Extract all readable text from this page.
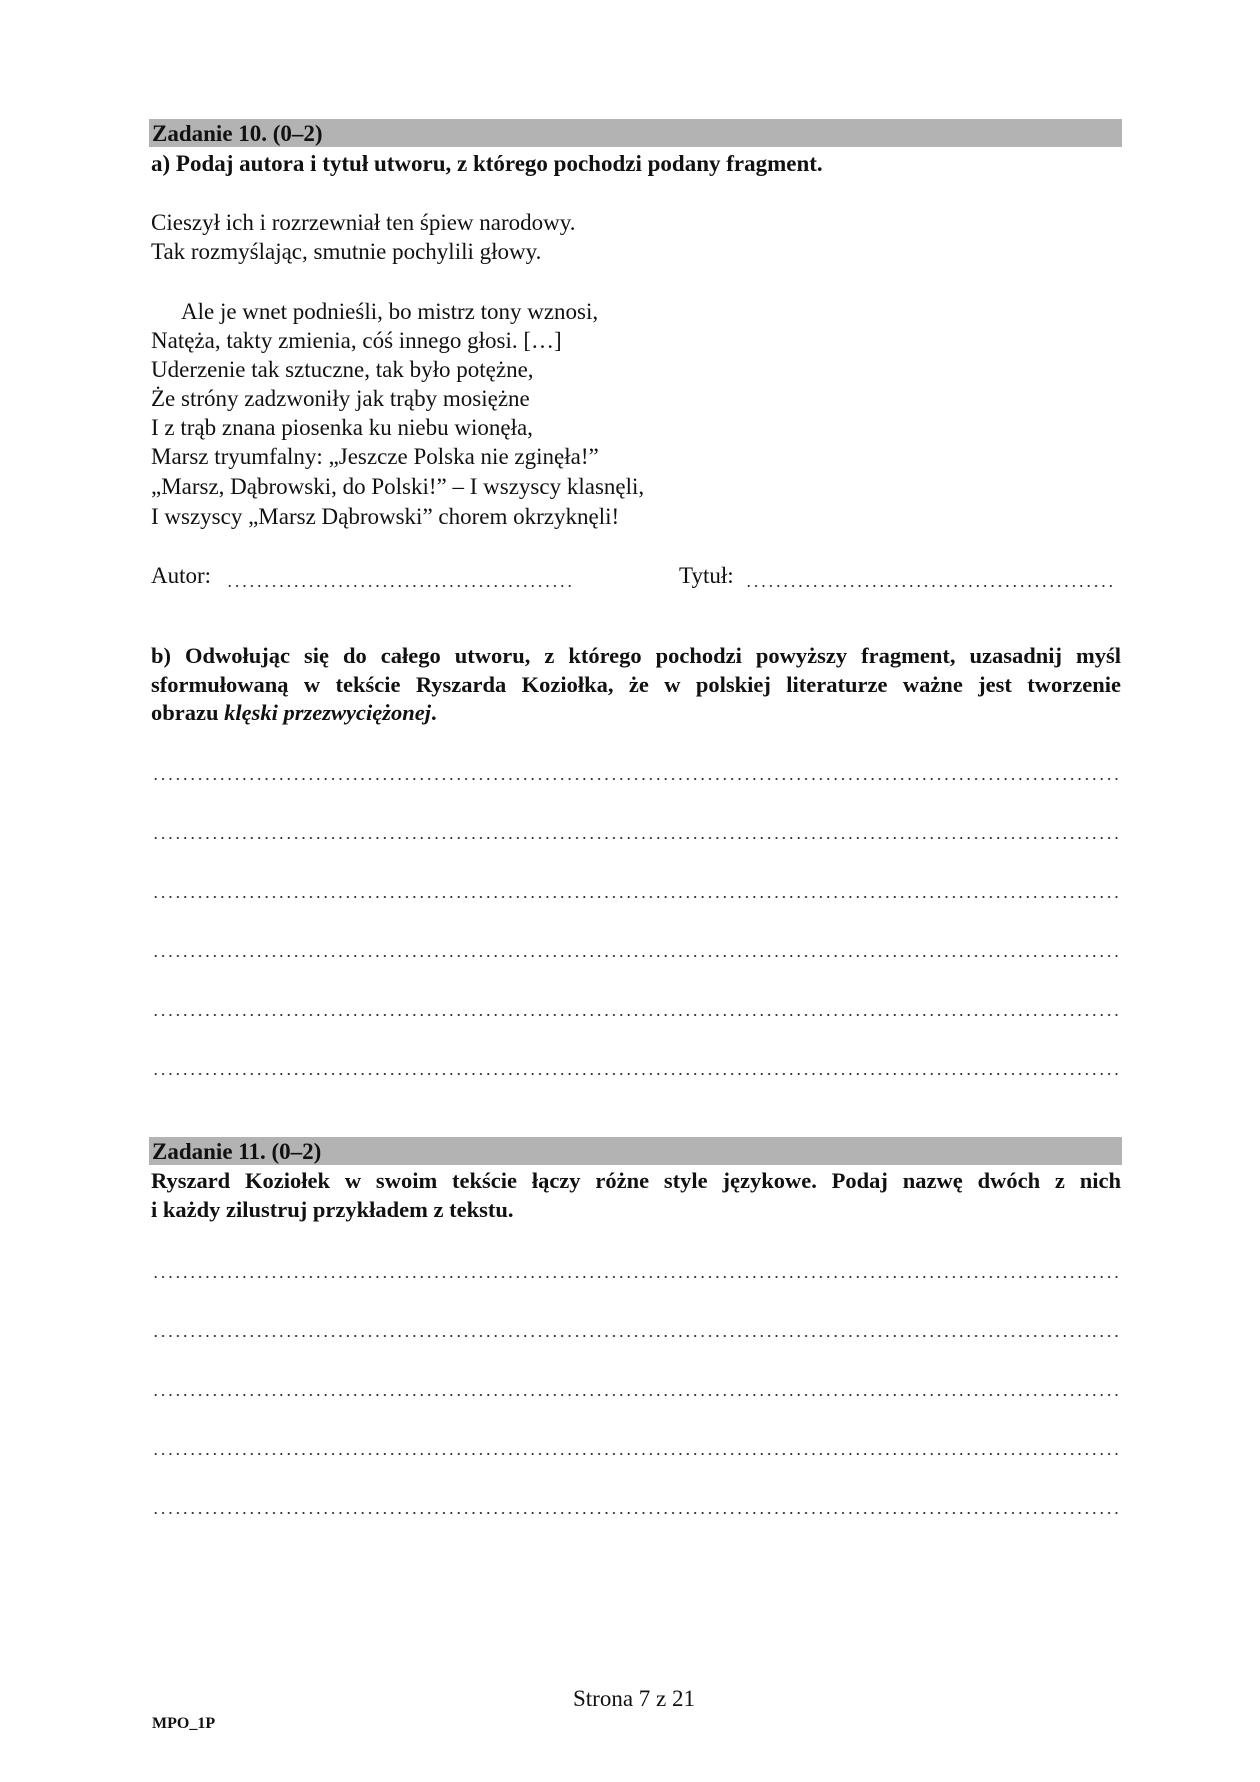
Zadanie 10. (0–2)
a) Podaj autora i tytuł utworu, z którego pochodzi podany fragment.
Cieszył ich i rozrzewniał ten śpiew narodowy.
Tak rozmyślając, smutnie pochylili głowy.
Ale je wnet podnieśli, bo mistrz tony wznosi,
Natęża, takty zmienia, cóś innego głosi. […]
Uderzenie tak sztuczne, tak było potężne,
Że stróny zadzwoniły jak trąby mosiężne
I z trąb znana piosenka ku niebu wionęła,
Marsz tryumfalny: „Jeszcze Polska nie zginęła!”
„Marsz, Dąbrowski, do Polski!” – I wszyscy klasnęli,
I wszyscy „Marsz Dąbrowski” chorem okrzyknęli!
Autor:	Tytuł:
b) Odwołując się do całego utworu, z którego pochodzi powyższy fragment, uzasadnij myśl
sformułowaną w tekście Ryszarda Koziołka, że w polskiej literaturze ważne jest tworzenie
obrazu klęski przezwyciężonej.
Zadanie 11. (0–2)
Ryszard Koziołek w swoim tekście łączy różne style językowe. Podaj nazwę dwóch z nich
i każdy zilustruj przykładem z tekstu.
Strona 7 z 21
MPO_1P
